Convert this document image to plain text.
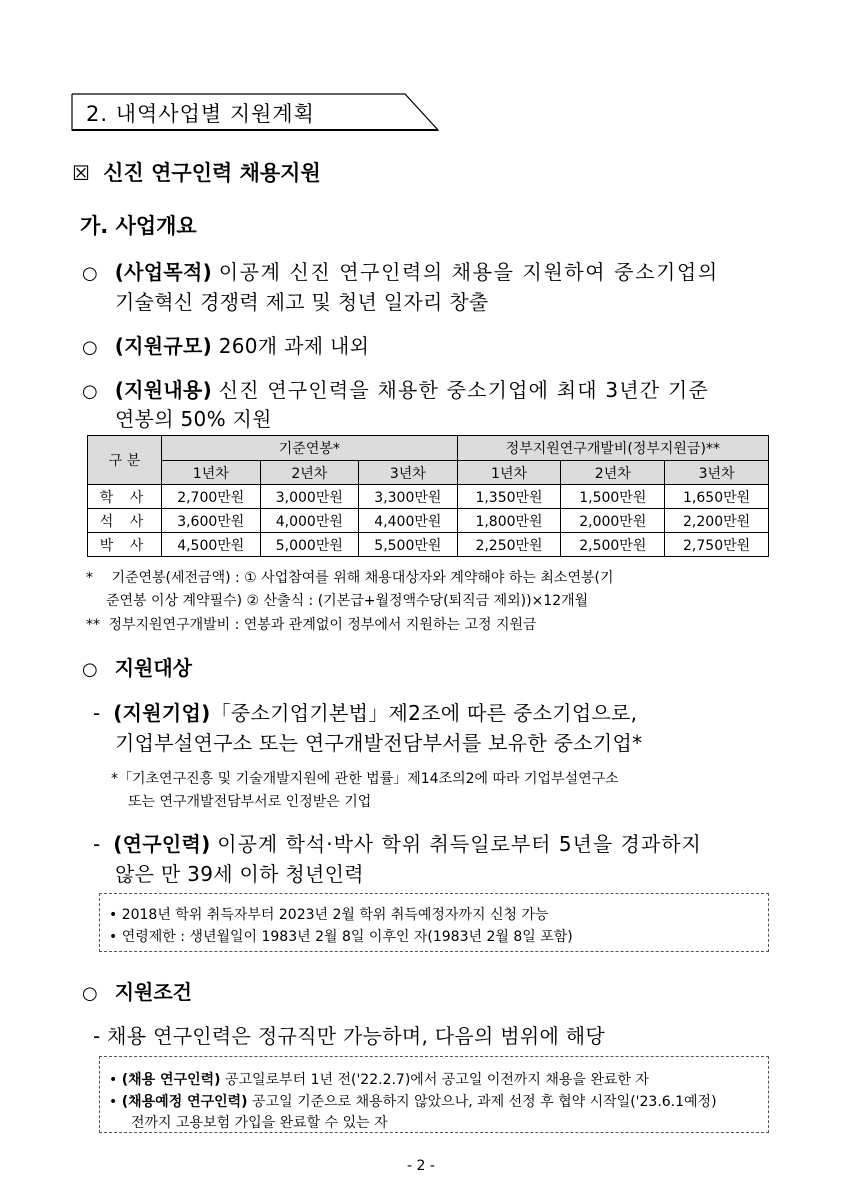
2. 내역사업별 지원계획
☒ 신진 연구인력 채용지원
가. 사업개요
○ (사업목적) 이공계 신진 연구인력의 채용을 지원하여 중소기업의
기술혁신 경쟁력 제고 및 청년 일자리 창출
○ (지원규모) 260개 과제 내외
○ (지원내용) 신진 연구인력을 채용한 중소기업에 최대 3년간 기준
연봉의 50% 지원
구 분	기준연봉*			정부지원연구개발비(정부지원금)**		
	1년차	2년차	3년차	1년차	2년차	3년차
학 사	2,700만원	3,000만원	3,300만원	1,350만원	1,500만원	1,650만원
석 사	3,600만원	4,000만원	4,400만원	1,800만원	2,000만원	2,200만원
박 사	4,500만원	5,000만원	5,500만원	2,250만원	2,500만원	2,750만원
* 기준연봉(세전금액) : ① 사업참여를 위해 채용대상자와 계약해야 하는 최소연봉(기
준연봉 이상 계약필수) ② 산출식 : (기본급+월정액수당(퇴직금 제외))×12개월
** 정부지원연구개발비 : 연봉과 관계없이 정부에서 지원하는 고정 지원금
○ 지원대상
- (지원기업)「중소기업기본법」제2조에 따른 중소기업으로,
기업부설연구소 또는 연구개발전담부서를 보유한 중소기업*
*「기초연구진흥 및 기술개발지원에 관한 법률」제14조의2에 따라 기업부설연구소
또는 연구개발전담부서로 인정받은 기업
- (연구인력) 이공계 학석·박사 학위 취득일로부터 5년을 경과하지
않은 만 39세 이하 청년인력
• 2018년 학위 취득자부터 2023년 2월 학위 취득예정자까지 신청 가능
• 연령제한 : 생년월일이 1983년 2월 8일 이후인 자(1983년 2월 8일 포함)
○ 지원조건
- 채용 연구인력은 정규직만 가능하며, 다음의 범위에 해당
• (채용 연구인력) 공고일로부터 1년 전('22.2.7)에서 공고일 이전까지 채용을 완료한 자
• (채용예정 연구인력) 공고일 기준으로 채용하지 않았으나, 과제 선정 후 협약 시작일('23.6.1예정)
전까지 고용보험 가입을 완료할 수 있는 자
- 2 -
